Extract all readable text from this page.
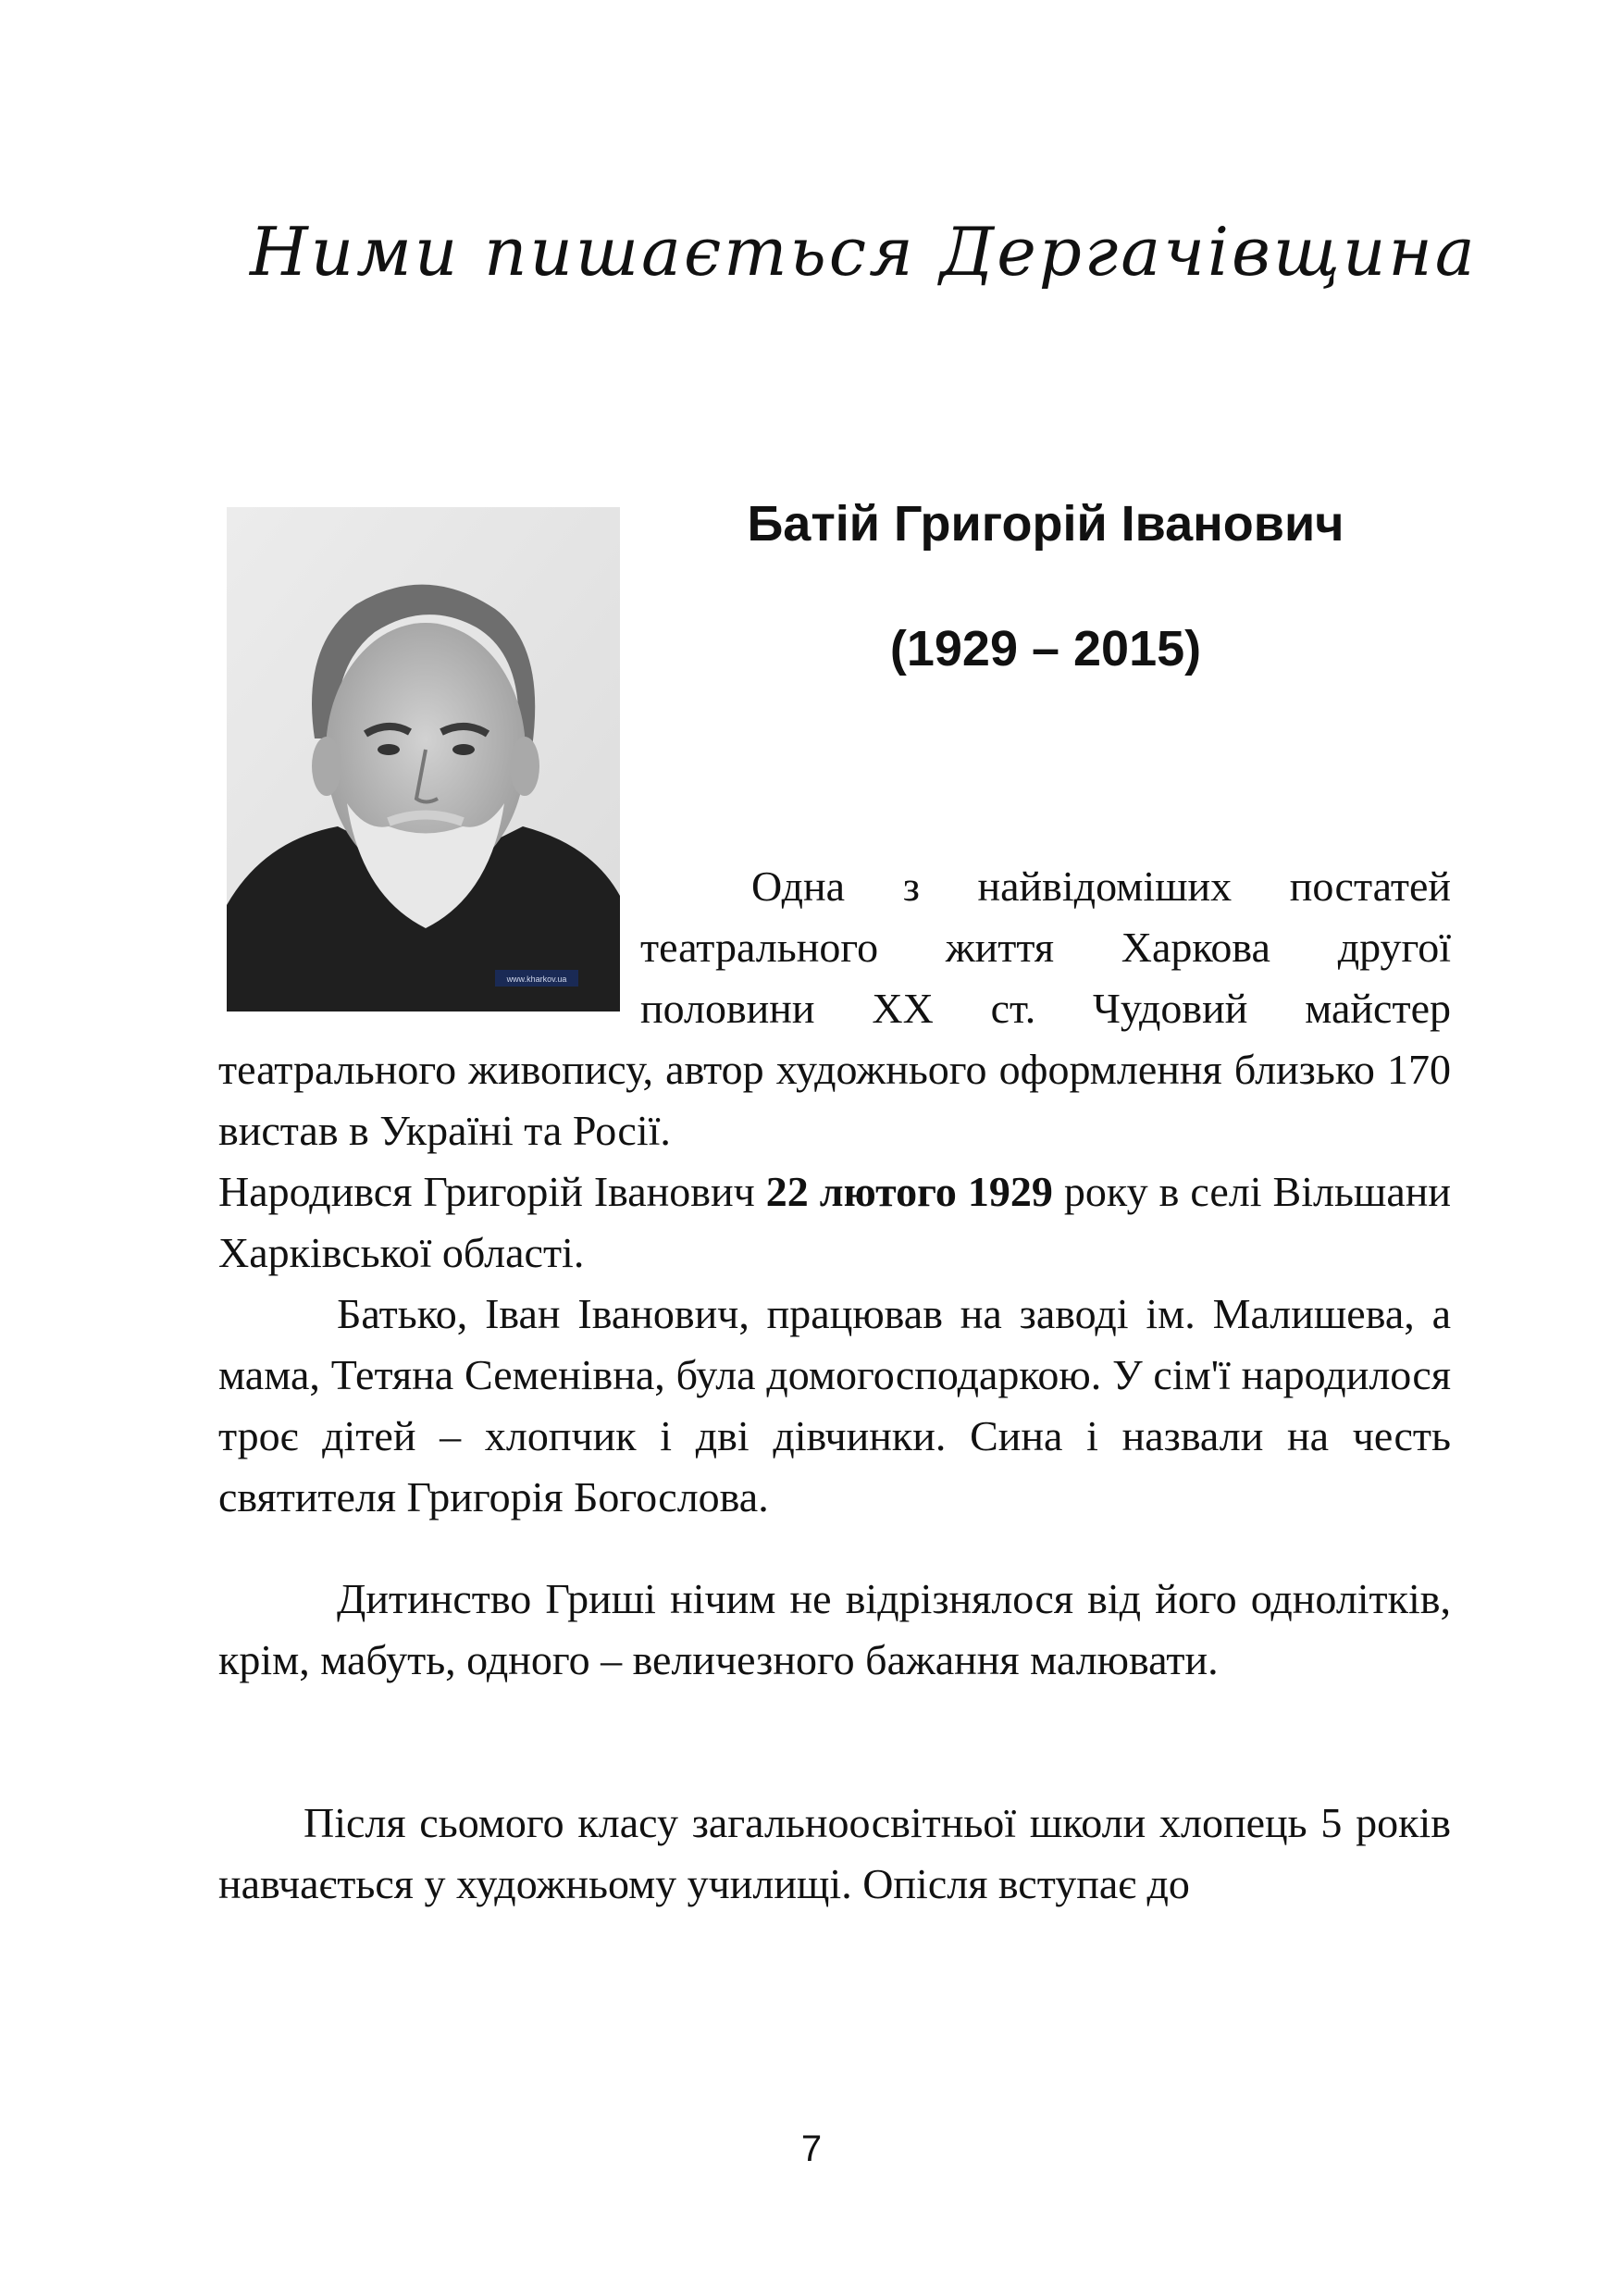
Ними пишається Дергачівщина
www.kharkov.ua
Батій Григорій Іванович
(1929 – 2015)

Одна з найвідоміших постатей театрального життя Харкова другої половини XX ст. Чудовий майстер

театрального живопису, автор художнього оформлення близько 170 вистав в Україні та Росії.

Народився Григорій Іванович 22 лютого 1929 року в селі Вільшани Харківської області.

Батько, Іван Іванович, працював на заводі ім. Малишева, а мама, Тетяна Семенівна, була домогосподаркою. У сім'ї народилося троє дітей – хлопчик і дві дівчинки. Сина і назвали на честь святителя Григорія Богослова.

Дитинство Гриші нічим не відрізнялося від його однолітків, крім, мабуть, одного – величезного бажання малювати.

Після сьомого класу загальноосвітньої школи хлопець 5 років навчається у художньому училищі. Опісля вступає до

7
